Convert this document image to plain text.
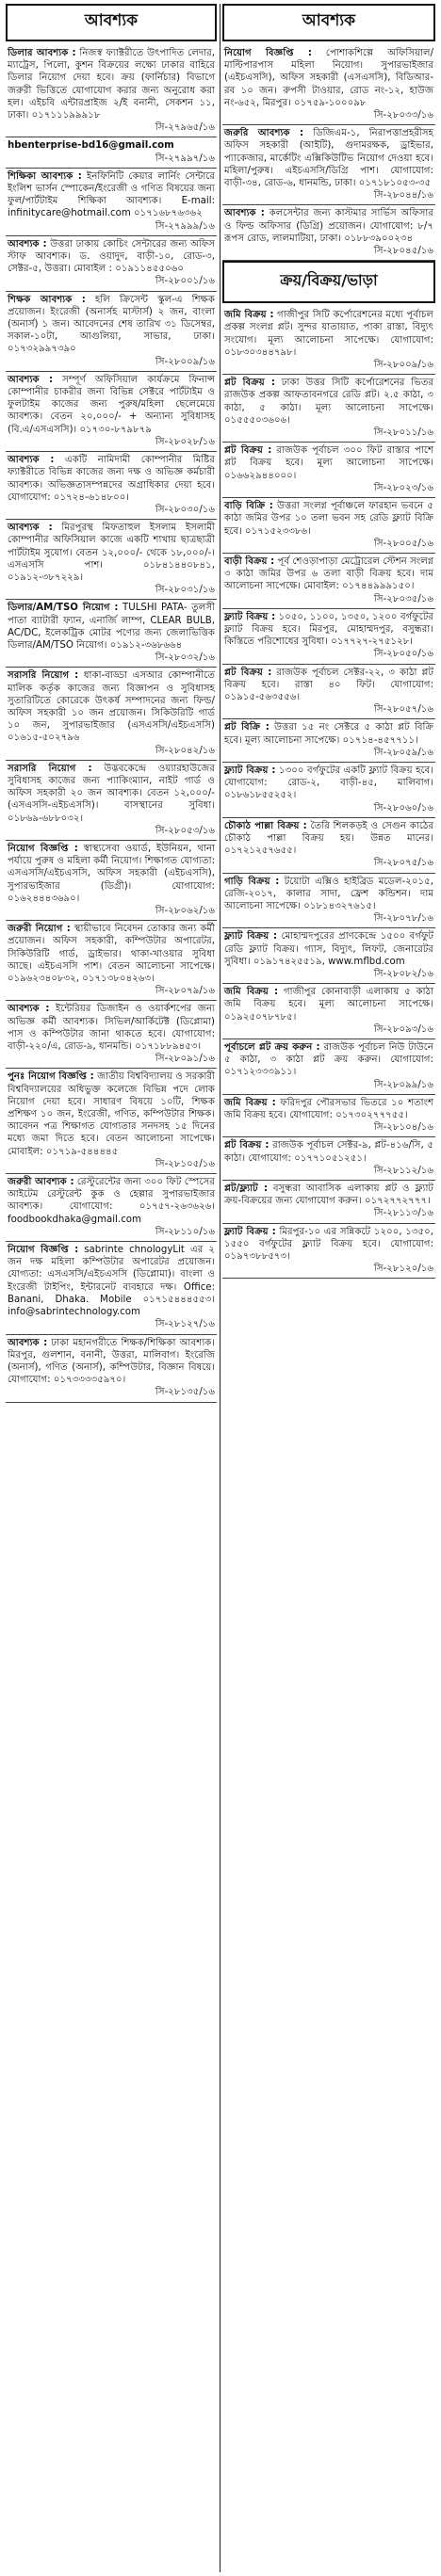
আবশ্যক
ডিলার আবশ্যক : নিজস্ব ফ্যাক্টরীতে উৎপাদিত লেদার, ম্যাট্রেস, পিলো, কুশন বিক্রয়ের লক্ষ্যে ঢাকার বাহিরে ডিলার নিয়োগ দেয়া হবে। ক্রয় (ফার্নিচার) বিভাগে জরুরী ভিত্তিতে যোগাযোগ করার জন্য অনুরোধ করা হল। এইচবি এন্টারপ্রাইজ ২/ই বনানী, সেকশন ১১, ঢাকা। ০১৭১১১৯৯৯১৮
সি-২৭৯৬৫/১৬
hbenterprise-bd16@gmail.com
সি-২৭৯৯৭/১৬
শিক্ষিকা আবশ্যক : ইনফিনিটি কেয়ার লার্নিং সেন্টারে ইংলিশ ভার্সন স্পোকেন/ইংরেজী ও গণিত বিষয়ের জন্য ফুল/পার্টটাইম শিক্ষিকা আবশ্যক। E-mail: infinitycare@hotmail.com ০১৭১৬৮৭৬৩৬২
সি-২৭৯৯৯/১৬
আবশ্যক : উত্তরা ঢাকায় কোচিং সেন্টারের জন্য অফিস স্টাফ আবশ্যক। ড. ওয়াদুদ, বাড়ী-১০, রোড-৩, সেক্টর-৫, উত্তরা। মোবাইল : ০১৯১১৪৫৫০৬০
সি-২৮০০১/১৬
শিক্ষক আবশ্যক : হলি ক্রিসেন্ট স্কুল-এ শিক্ষক প্রয়োজন। ইংরেজী (অনার্সহ মাস্টার্স) ২ জন, বাংলা (অনার্স) ১ জন। আবেদনের শেষ তারিখ ৩১ ডিসেম্বর, সকাল-১০টা, আগুলিয়া, সাভার, ঢাকা। ০১৭৩২৯৯৭৩৯০
সি-২৮০০৯/১৬
আবশ্যক : সম্পূর্ণ অফিসিয়াল কার্যক্রমে ফিনান্স কোম্পানীর চাকরীর জন্য বিভিন্ন সেক্টরে পার্টটাইম ও ফুলটাইম কাজের জন্য পুরুষ/মহিলা ছেলেমেয়ে আবশ্যক। বেতন ২০,০০০/- + অন্যান্য সুবিধাসহ (বি.এ/এসএসসি)। ০১৭৩০-৮৭৯৮৭৯
সি-২৮০২৮/১৬
আবশ্যক : একটি নামিদামী কোম্পানীর মিষ্টির ফ্যাক্টরীতে বিভিন্ন কাজের জন্য দক্ষ ও অভিজ্ঞ কর্মচারী আবশ্যক। অভিজ্ঞতাসম্পন্নদের অগ্রাধিকার দেয়া হবে। যোগাযোগ: ০১৭২৪-৬১৪৮০০।
সি-২৮০৩০/১৬
আবশ্যক : মিরপুরস্থ মিফতাহুল ইসলাম ইসলামী কোম্পানীর অফিসিয়াল কাজে একটি শাখায় ছাত্রছাত্রী পার্টটাইম সুযোগ। বেতন ১২,০০০/- থেকে ১৮,০০০/-। এসএসসি পাশ। ০১৮৪১৪৪০৮৪১, ০১৯১২-৩৮৭২২৯।
সি-২৮০৩১/১৬
ডিলার/AM/TSO নিয়োগ : TULSHI PATA- তুলসী পাতা ব্যাটারী ফ্যান, এনার্জি লাম্প, CLEAR BULB, AC/DC, ইলেকট্রিক মোটর পণ্যের জন্য জেলাভিত্তিক ডিলার/AM/TSO নিয়োগ। ০১৯১২-৩৬৮৬৬৪
সি-২৮০৩২/১৬
সরাসরি নিয়োগ : ধাকা-বাড্ডা এসআর কোম্পানীতে মালিক কর্তৃক কাজের জন্য বিজ্ঞাপন ও সুবিধাসহ সুতারিটিতে কোরেকে উৎকর্ষ সম্পাদনের জন্য ফিল্ড/অফিস সহকারী ১০ জন প্রয়োজন। সিকিউরিটি গার্ড ১০ জন, সুপারভাইজার (এসএসসি/এইচএসসি) ০১৬১৫-৫০২৭৯৬
সি-২৮০৪২/১৬
সরাসরি নিয়োগ : উদ্ভবকেন্দ্রে ওয়্যারহাউজের সুবিধাসহ কাজের জন্য প্যাকিংম্যান, নাইট গার্ড ও অফিস সহকারী ২০ জন আবশ্যক। বেতন ১২,০০০/- (এসএসসি-এইচএসসি)। বাসস্থানের সুবিধা। ০১৮৬৯-৬৮৮০৩২।
সি-২৮০৫৩/১৬
নিয়োগ বিজ্ঞপ্তি : স্বাস্থ্যসেবা ওয়ার্ড, ইউনিয়ন, থানা পর্যায়ে পুরুষ ও মহিলা কর্মী নিয়োগ। শিক্ষাগত যোগ্যতা: এসএসসি/এইচএসসি, অফিস সহকারী (এইচএসসি), সুপারভাইজার (ডিগ্রী)। যোগাযোগ: ০১৬২৪৪৪৩৬৯০।
সি-২৮০৬২/১৬
জরুরী নিয়োগ : স্থায়ীভাবে নিবেদন তোকার জন্য কর্মী প্রয়োজন। অফিস সহকারী, কম্পিউটার অপারেটর, সিকিউরিটি গার্ড, ড্রাইভার। থাকা-খাওয়ার সুবিধা আছে। এইচএসসি পাশ। বেতন আলোচনা সাপেক্ষে। ০১৯৬২৩৪০৮৩২, ০১৭১৩৮০৪২৬৩।
সি-২৮০৭৯/১৬
আবশ্যক : ইন্টেরিয়র ডিজাইন ও ওয়ার্কশপের জন্য অভিজ্ঞ কর্মী আবশ্যক। সিভিল/আর্কিটেক্ট (ডিপ্লোমা) পাস ও কম্পিউটার জানা থাকতে হবে। যোগাযোগ: বাড়ী-২২০/এ, রোড-৯, ধানমন্ডি। ০১৭১৮৮৯৪৫৩।
সি-২৮০৯১/১৬
পুনঃ নিয়োগ বিজ্ঞপ্তি : জাতীয় বিশ্ববিদ্যালয় ও সরকারী বিশ্ববিদ্যালয়ের অধিভুক্ত কলেজে বিভিন্ন পদে লোক নিয়োগ দেয়া হবে। সাধারণ বিষয়ে ১০টি, শিক্ষক প্রশিক্ষণ ১০ জন, ইংরেজী, গণিত, কম্পিউটার শিক্ষক। আবেদন পত্র শিক্ষাগত যোগ্যতার সনদসহ ১৫ দিনের মধ্যে জমা দিতে হবে। বেতন আলোচনা সাপেক্ষে। মোবাইল: ০১৭১৯-৫৪৪৪৪৫
সি-২৮১০৫/১৬
জরুরী আবশ্যক : রেস্টুরেন্টের জন্য ৩০০ ফিট স্পেসের আইটেম রেস্টুরেন্ট কুক ও হেল্পার সুপারভাইজার আবশ্যক। যোগাযোগ: ০১৭৫৭-২৬৩৬২৬। foodbookdhaka@gmail.com
সি-২৮১১০/১৬
নিয়োগ বিজ্ঞপ্তি : sabrinte chnologyLit এর ২ জন দক্ষ মহিলা কম্পিউটার অপারেটর প্রয়োজন। যোগ্যতা: এসএসসি/এইচএসসি (ডিপ্লোমা)। বাংলা ও ইংরেজী টাইপিং, ইন্টারনেট ব্যবহারে দক্ষ। Office: Banani, Dhaka. Mobile ০১৭১৫৪৪৪৫৫৩। info@sabrintechnology.com
সি-২৮১২৭/১৬
আবশ্যক : ঢাকা মহানগরীতে শিক্ষক/শিক্ষিকা আবশ্যক। মিরপুর, গুলশান, বনানী, উত্তরা, মালিবাগ। ইংরেজি (অনার্স), গণিত (অনার্স), কম্পিউটার, বিজ্ঞান বিষয়ে। যোগাযোগ: ০১৭৩৩৩৩৫৯৭০।
সি-২৮১৩৫/১৬
আবশ্যক
নিয়োগ বিজ্ঞপ্তি : পোশাকশিল্পে অফিসিয়াল/মাল্টিপারপাস মহিলা নিয়োগ। সুপারভাইজার (এইচএসসি), অফিস সহকারী (এসএসসি), বিডিআর-রব ১০ জন। রুপসী টাওয়ার, রোড নং-১২, হাউজ নং-৬৫২, মিরপুর। ০১৭৫৯-১০০০৯৮
সি-২৮০৩৩/১৬
জরুরি আবশ্যক : ডিজিএম-১, নিরাপত্তাপ্রহরীসহ অফিস সহকারী (আইটি), গুদামরক্ষক, ড্রাইভার, প্যাকেজার, মার্কেটিং এক্সিকিউটিভ নিয়োগ দেওয়া হবে। মহিলা/পুরুষ। এইচএসসি/ডিগ্রি পাশ। যোগাযোগ: বাড়ী-৩৪, রোড-৬, ধানমন্ডি, ঢাকা। ০১৭১৮১০৫৩-৩৫
সি-২৮০৪৪/১৬
আবশ্যক : কলসেন্টার জন্য কাস্টমার সার্ভিস অফিসার ও ফিল্ড অফিসার (ডিগ্রি) প্রয়োজন। যোগাযোগ: ৮/৭ রূপস রোড, লালমাটিয়া, ঢাকা। ০১৮৮৩৯০০২৩৪
সি-২৮০৪৫/১৬
ক্রয়/বিক্রয়/ভাড়া
জমি বিক্রয় : গাজীপুর সিটি কর্পোরেশনের মধ্যে পূর্বাচল প্রকল্প সংলগ্ন প্লট। সুন্দর যাতায়াত, পাকা রাস্তা, বিদ্যুৎ সংযোগ। মূল্য আলোচনা সাপেক্ষে। যোগাযোগ: ০১৮৩০৩৪৪৭৯৮।
সি-২৮০০৯/১৬
প্লট বিক্রয় : ঢাকা উত্তর সিটি কর্পোরেশনের ভিতর রাজউক প্রকল্প আফতাবনগরে রেডি প্লট। ২.৫ কাঠা, ৩ কাঠা, ৫ কাঠা। মূল্য আলোচনা সাপেক্ষে। ০১৫৫৫০৩৬০৬।
সি-২৮০১১/১৬
প্লট বিক্রয় : রাজউক পূর্বাচল ৩০০ ফিট রাস্তার পাশে প্লট বিক্রয় হবে। মূল্য আলোচনা সাপেক্ষে। ০১৬৬২৯৪৪০০০।
সি-২৮০২৩/১৬
বাড়ি বিক্রি : উত্তরা সংলগ্ন পূর্বাঞ্চলে ফারহান ভবনে ৫ কাঠা জমির উপর ১০ তলা ভবন সহ রেডি ফ্ল্যাট বিক্রি হবে। ০১৭১৫২৩৩৮৬।
সি-২৮০০৫/১৬
বাড়ী বিক্রয় : পূর্ব শেওড়াপাড়া মেট্রোরেল স্টেশন সংলগ্ন ৩ কাঠা জমির উপর ৬ তলা বাড়ী বিক্রয় হবে। দাম আলোচনা সাপেক্ষে। মোবাইল: ০১৭৪৪৯৯৯১৫০।
সি-২৮০৩৫/১৬
ফ্ল্যাট বিক্রয় : ১০৫০, ১১০০, ১৩৫০, ১২০০ বর্গফুটের ফ্ল্যাট বিক্রয় হবে। মিরপুর, মোহাম্মদপুর, বসুন্ধরা। কিস্তিতে পরিশোধের সুবিধা। ০১৭৭২৭-২৭৫১২৮।
সি-২৮০৫০/১৬
প্লট বিক্রয় : রাজউক পূর্বাচল সেক্টর-২২, ৩ কাঠা প্লট বিক্রয় হবে। রাস্তা ৪০ ফিট। যোগাযোগ: ০১৯১৫-৫৬৩৫৫৬।
সি-২৮০৫৭/১৬
প্লট বিক্রি : উত্তরা ১৫ নং সেক্টরে ৫ কাঠা প্লট বিক্রি হবে। মূল্য আলোচনা সাপেক্ষে। ০১৭১৪-৪৫৭৭১১।
সি-২৮০৫৯/১৬
ফ্ল্যাট বিক্রয় : ১৩০০ বর্গফুটের একটি ফ্ল্যাট বিক্রয় হবে। যোগাযোগ: রোড-২, বাড়ী-৪৫, মালিবাগ। ০১৮৬১৮৫৫২৫২।
সি-২৮০৬০/১৬
চৌকাঠ পাল্লা বিক্রয় : তৈরি শিলকড়ই ও সেগুন কাঠের চৌকাঠ পাল্লা বিক্রয় হয়। উন্নত মানের। ০১৭২১২৫৭৬৫৫।
সি-২৮০৭৫/১৬
গাড়ি বিক্রয় : টয়োটা এক্সিও হাইব্রিড মডেল-২০১৫, রেজি-২০১৭, কালার সাদা, ফ্রেশ কন্ডিশন। দাম আলোচনা সাপেক্ষে। ০১৮১৪৩২৭৬১৫।
সি-২৮০৭৮/১৬
ফ্ল্যাট বিক্রয় : মোহাম্মদপুরের প্রাণকেন্দ্রে ১৫০০ বর্গফুট রেডি ফ্ল্যাট বিক্রয়। গ্যাস, বিদ্যুৎ, লিফট, জেনারেটর সুবিধা। ০১৯১৭৪২৫৫১৯, www.mflbd.com
সি-২৮০৮২/১৬
জমি বিক্রয় : গাজীপুর কোনাবাড়ী এলাকায় ৫ কাঠা জমি বিক্রয় হবে। মূল্য আলোচনা সাপেক্ষে। ০১৯২৫০৭৮৭৮৫।
সি-২৮০৯৩/১৬
পূর্বাচলে প্লট ক্রয় করুন : রাজউক পূর্বাচল নিউ টাউনে ৫ কাঠা, ৩ কাঠা প্লট ক্রয় করুন। যোগাযোগ: ০১৭১২৩৩৩৯১১।
সি-২৮০৯৯/১৬
জমি বিক্রয় : ফরিদপুর পৌরসভার ভিতরে ১০ শতাংশ জমি বিক্রয় হবে। যোগাযোগ: ০১৭৩০২৭৭৭৫৫।
সি-২৮১০৪/১৬
প্লট বিক্রয় : রাজউক পূর্বাচল সেক্টর-৯, প্লট-৪১৬/সি, ৫ কাঠা। যোগাযোগ: ০১৭৭১০৫১২৫১।
সি-২৮১১২/১৬
প্লট/ফ্ল্যাট : বসুন্ধরা আবাসিক এলাকায় প্লট ও ফ্ল্যাট ক্রয়-বিক্রয়ের জন্য যোগাযোগ করুন। ০১৭২৭৭২৭৭৭।
সি-২৮১১৩/১৬
ফ্ল্যাট বিক্রয় : মিরপুর-১০ এর সন্নিকটে ১২০০, ১৩৫০, ১৫৫০ বর্গফুটের ফ্ল্যাট বিক্রয় হবে। যোগাযোগ: ০১৯৭৩৮৮৫৭৩।
সি-২৮১২০/১৬
